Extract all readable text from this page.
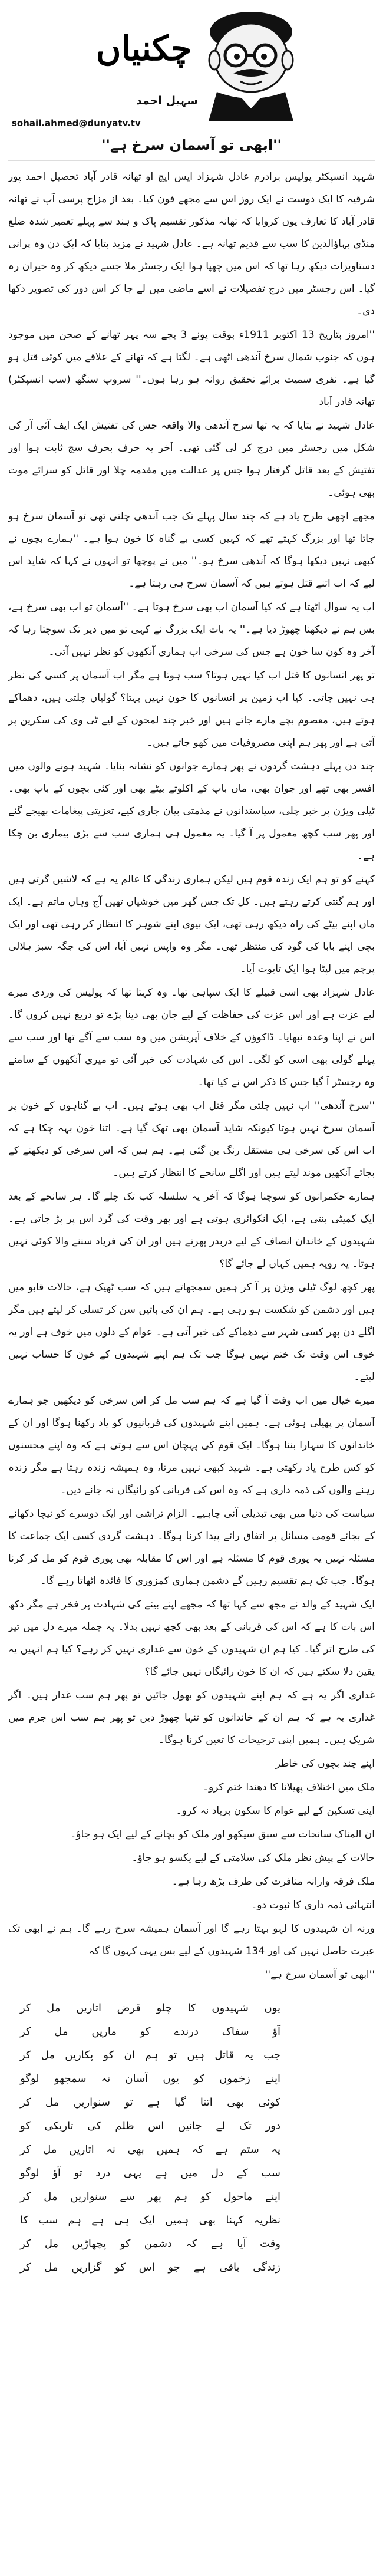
چکنیاں
سہیل احمد
sohail.ahmed@dunyatv.tv
''ابھی تو آسمان سرخ ہے''

شہید انسپکٹر پولیس برادرم عادل شہزاد ایس ایچ او تھانہ قادر آباد تحصیل احمد پور شرقیہ کا ایک دوست نے ایک روز اس سے مجھے فون کیا۔ بعد از مزاج پرسی آپ نے تھانہ قادر آباد کا تعارف یوں کروایا کہ تھانہ مذکور تقسیم پاک و ہند سے پہلے تعمیر شدہ ضلع منڈی بہاؤالدین کا سب سے قدیم تھانہ ہے۔ عادل شہید نے مزید بتایا کہ ایک دن وہ پرانی دستاویزات دیکھ رہا تھا کہ اس میں چھپا ہوا ایک رجسٹر ملا جسے دیکھ کر وہ حیران رہ گیا۔ اس رجسٹر میں درج تفصیلات نے اسے ماضی میں لے جا کر اس دور کی تصویر دکھا دی۔

''امروز بتاریخ 13 اکتوبر 1911ء بوقت پونے 3 بجے سہ پہر تھانے کے صحن میں موجود ہوں کہ جنوب شمال سرخ آندھی اٹھی ہے۔ لگتا ہے کہ تھانے کے علاقے میں کوئی قتل ہو گیا ہے۔ نفری سمیت برائے تحقیق روانہ ہو رہا ہوں۔'' سروپ سنگھ (سب انسپکٹر) تھانہ قادر آباد

عادل شہید نے بتایا کہ یہ تھا سرخ آندھی والا واقعہ جس کی تفتیش ایک ایف آئی آر کی شکل میں رجسٹر میں درج کر لی گئی تھی۔ آخر یہ حرف بحرف سچ ثابت ہوا اور تفتیش کے بعد قاتل گرفتار ہوا جس پر عدالت میں مقدمہ چلا اور قاتل کو سزائے موت بھی ہوئی۔

مجھے اچھی طرح یاد ہے کہ چند سال پہلے تک جب آندھی چلتی تھی تو آسمان سرخ ہو جاتا تھا اور بزرگ کہتے تھے کہ کہیں کسی بے گناہ کا خون ہوا ہے۔ ''ہمارے بچوں نے کبھی نہیں دیکھا ہوگا کہ آندھی سرخ ہو۔'' میں نے پوچھا تو انہوں نے کہا کہ شاید اس لیے کہ اب اتنے قتل ہوتے ہیں کہ آسمان سرخ ہی رہتا ہے۔

اب یہ سوال اٹھتا ہے کہ کیا آسمان اب بھی سرخ ہوتا ہے۔ ''آسمان تو اب بھی سرخ ہے، بس ہم نے دیکھنا چھوڑ دیا ہے۔'' یہ بات ایک بزرگ نے کہی تو میں دیر تک سوچتا رہا کہ آخر وہ کون سا خون ہے جس کی سرخی اب ہماری آنکھوں کو نظر نہیں آتی۔

تو پھر انسانوں کا قتل اب کیا نہیں ہوتا؟ سب ہوتا ہے مگر اب آسمان پر کسی کی نظر ہی نہیں جاتی۔ کیا اب زمین پر انسانوں کا خون نہیں بہتا؟ گولیاں چلتی ہیں، دھماکے ہوتے ہیں، معصوم بچے مارے جاتے ہیں اور خبر چند لمحوں کے لیے ٹی وی کی سکرین پر آتی ہے اور پھر ہم اپنی مصروفیات میں کھو جاتے ہیں۔

چند دن پہلے دہشت گردوں نے پھر ہمارے جوانوں کو نشانہ بنایا۔ شہید ہونے والوں میں افسر بھی تھے اور جوان بھی، ماں باپ کے اکلوتے بیٹے بھی اور کئی بچوں کے باپ بھی۔ ٹیلی ویژن پر خبر چلی، سیاستدانوں نے مذمتی بیان جاری کیے، تعزیتی پیغامات بھیجے گئے اور پھر سب کچھ معمول پر آ گیا۔ یہ معمول ہی ہماری سب سے بڑی بیماری بن چکا ہے۔

کہنے کو تو ہم ایک زندہ قوم ہیں لیکن ہماری زندگی کا عالم یہ ہے کہ لاشیں گرتی ہیں اور ہم گنتی کرتے رہتے ہیں۔ کل تک جس گھر میں خوشیاں تھیں آج وہاں ماتم ہے۔ ایک ماں اپنے بیٹے کی راہ دیکھ رہی تھی، ایک بیوی اپنے شوہر کا انتظار کر رہی تھی اور ایک بچی اپنے بابا کی گود کی منتظر تھی۔ مگر وہ واپس نہیں آیا، اس کی جگہ سبز ہلالی پرچم میں لپٹا ہوا ایک تابوت آیا۔

عادل شہزاد بھی اسی قبیلے کا ایک سپاہی تھا۔ وہ کہتا تھا کہ پولیس کی وردی میرے لیے عزت ہے اور اس عزت کی حفاظت کے لیے جان بھی دینا پڑے تو دریغ نہیں کروں گا۔ اس نے اپنا وعدہ نبھایا۔ ڈاکوؤں کے خلاف آپریشن میں وہ سب سے آگے تھا اور سب سے پہلے گولی بھی اسی کو لگی۔ اس کی شہادت کی خبر آئی تو میری آنکھوں کے سامنے وہ رجسٹر آ گیا جس کا ذکر اس نے کیا تھا۔

''سرخ آندھی'' اب نہیں چلتی مگر قتل اب بھی ہوتے ہیں۔ اب بے گناہوں کے خون پر آسمان سرخ نہیں ہوتا کیونکہ شاید آسمان بھی تھک گیا ہے۔ اتنا خون بہہ چکا ہے کہ اب اس کی سرخی ہی مستقل رنگ بن گئی ہے۔ ہم ہیں کہ اس سرخی کو دیکھنے کے بجائے آنکھیں موند لیتے ہیں اور اگلے سانحے کا انتظار کرتے ہیں۔

ہمارے حکمرانوں کو سوچنا ہوگا کہ آخر یہ سلسلہ کب تک چلے گا۔ ہر سانحے کے بعد ایک کمیٹی بنتی ہے، ایک انکوائری ہوتی ہے اور پھر وقت کی گرد اس پر پڑ جاتی ہے۔ شہیدوں کے خاندان انصاف کے لیے دربدر پھرتے ہیں اور ان کی فریاد سننے والا کوئی نہیں ہوتا۔ یہ رویہ ہمیں کہاں لے جائے گا؟

پھر کچھ لوگ ٹیلی ویژن پر آ کر ہمیں سمجھاتے ہیں کہ سب ٹھیک ہے، حالات قابو میں ہیں اور دشمن کو شکست ہو رہی ہے۔ ہم ان کی باتیں سن کر تسلی کر لیتے ہیں مگر اگلے دن پھر کسی شہر سے دھماکے کی خبر آتی ہے۔ عوام کے دلوں میں خوف ہے اور یہ خوف اس وقت تک ختم نہیں ہوگا جب تک ہم اپنے شہیدوں کے خون کا حساب نہیں لیتے۔

میرے خیال میں اب وقت آ گیا ہے کہ ہم سب مل کر اس سرخی کو دیکھیں جو ہمارے آسمان پر پھیلی ہوئی ہے۔ ہمیں اپنے شہیدوں کی قربانیوں کو یاد رکھنا ہوگا اور ان کے خاندانوں کا سہارا بننا ہوگا۔ ایک قوم کی پہچان اس سے ہوتی ہے کہ وہ اپنے محسنوں کو کس طرح یاد رکھتی ہے۔ شہید کبھی نہیں مرتا، وہ ہمیشہ زندہ رہتا ہے مگر زندہ رہنے والوں کی ذمہ داری ہے کہ وہ اس کی قربانی کو رائیگاں نہ جانے دیں۔

سیاست کی دنیا میں بھی تبدیلی آنی چاہیے۔ الزام تراشی اور ایک دوسرے کو نیچا دکھانے کے بجائے قومی مسائل پر اتفاق رائے پیدا کرنا ہوگا۔ دہشت گردی کسی ایک جماعت کا مسئلہ نہیں یہ پوری قوم کا مسئلہ ہے اور اس کا مقابلہ بھی پوری قوم کو مل کر کرنا ہوگا۔ جب تک ہم تقسیم رہیں گے دشمن ہماری کمزوری کا فائدہ اٹھاتا رہے گا۔

ایک شہید کے والد نے مجھ سے کہا تھا کہ مجھے اپنے بیٹے کی شہادت پر فخر ہے مگر دکھ اس بات کا ہے کہ اس کی قربانی کے بعد بھی کچھ نہیں بدلا۔ یہ جملہ میرے دل میں تیر کی طرح اتر گیا۔ کیا ہم ان شہیدوں کے خون سے غداری نہیں کر رہے؟ کیا ہم انہیں یہ یقین دلا سکتے ہیں کہ ان کا خون رائیگاں نہیں جائے گا؟

غداری اگر یہ ہے کہ ہم اپنے شہیدوں کو بھول جائیں تو پھر ہم سب غدار ہیں۔ اگر غداری یہ ہے کہ ہم ان کے خاندانوں کو تنہا چھوڑ دیں تو پھر ہم سب اس جرم میں شریک ہیں۔ ہمیں اپنی ترجیحات کا تعین کرنا ہوگا۔

اپنے چند بچوں کی خاطر

ملک میں اختلاف پھیلانا کا دھندا ختم کرو۔

اپنی تسکین کے لیے عوام کا سکون برباد نہ کرو۔

ان المناک سانحات سے سبق سیکھو اور ملک کو بچانے کے لیے ایک ہو جاؤ۔

حالات کے پیش نظر ملک کی سلامتی کے لیے یکسو ہو جاؤ۔

ملک فرقہ وارانہ منافرت کی طرف بڑھ رہا ہے۔

انتہائی ذمہ داری کا ثبوت دو۔

ورنہ ان شہیدوں کا لہو بہتا رہے گا اور آسمان ہمیشہ سرخ رہے گا۔ ہم نے ابھی تک عبرت حاصل نہیں کی اور 134 شہیدوں کے لیے بس یہی کہوں گا کہ

''ابھی تو آسمان سرخ ہے''

یوں شہیدوں کا چلو قرض اتاریں مل کر
آؤ سفاک درندے کو ماریں مل کر
جب یہ قاتل ہیں تو ہم ان کو پکاریں مل کر
اپنے زخموں کو یوں آسان نہ سمجھو لوگو
کوئی بھی اتنا گیا ہے تو سنواریں مل کر
دور تک لے جائیں اس ظلم کی تاریکی کو
یہ ستم ہے کہ ہمیں بھی نہ اتاریں مل کر
سب کے دل میں ہے یہی درد تو آؤ لوگو
اپنے ماحول کو ہم پھر سے سنواریں مل کر
نظریہ کہنا بھی ہمیں ایک ہی ہے ہم سب کا
وقت آیا ہے کہ دشمن کو پچھاڑیں مل کر
زندگی باقی ہے جو اس کو گزاریں مل کر
